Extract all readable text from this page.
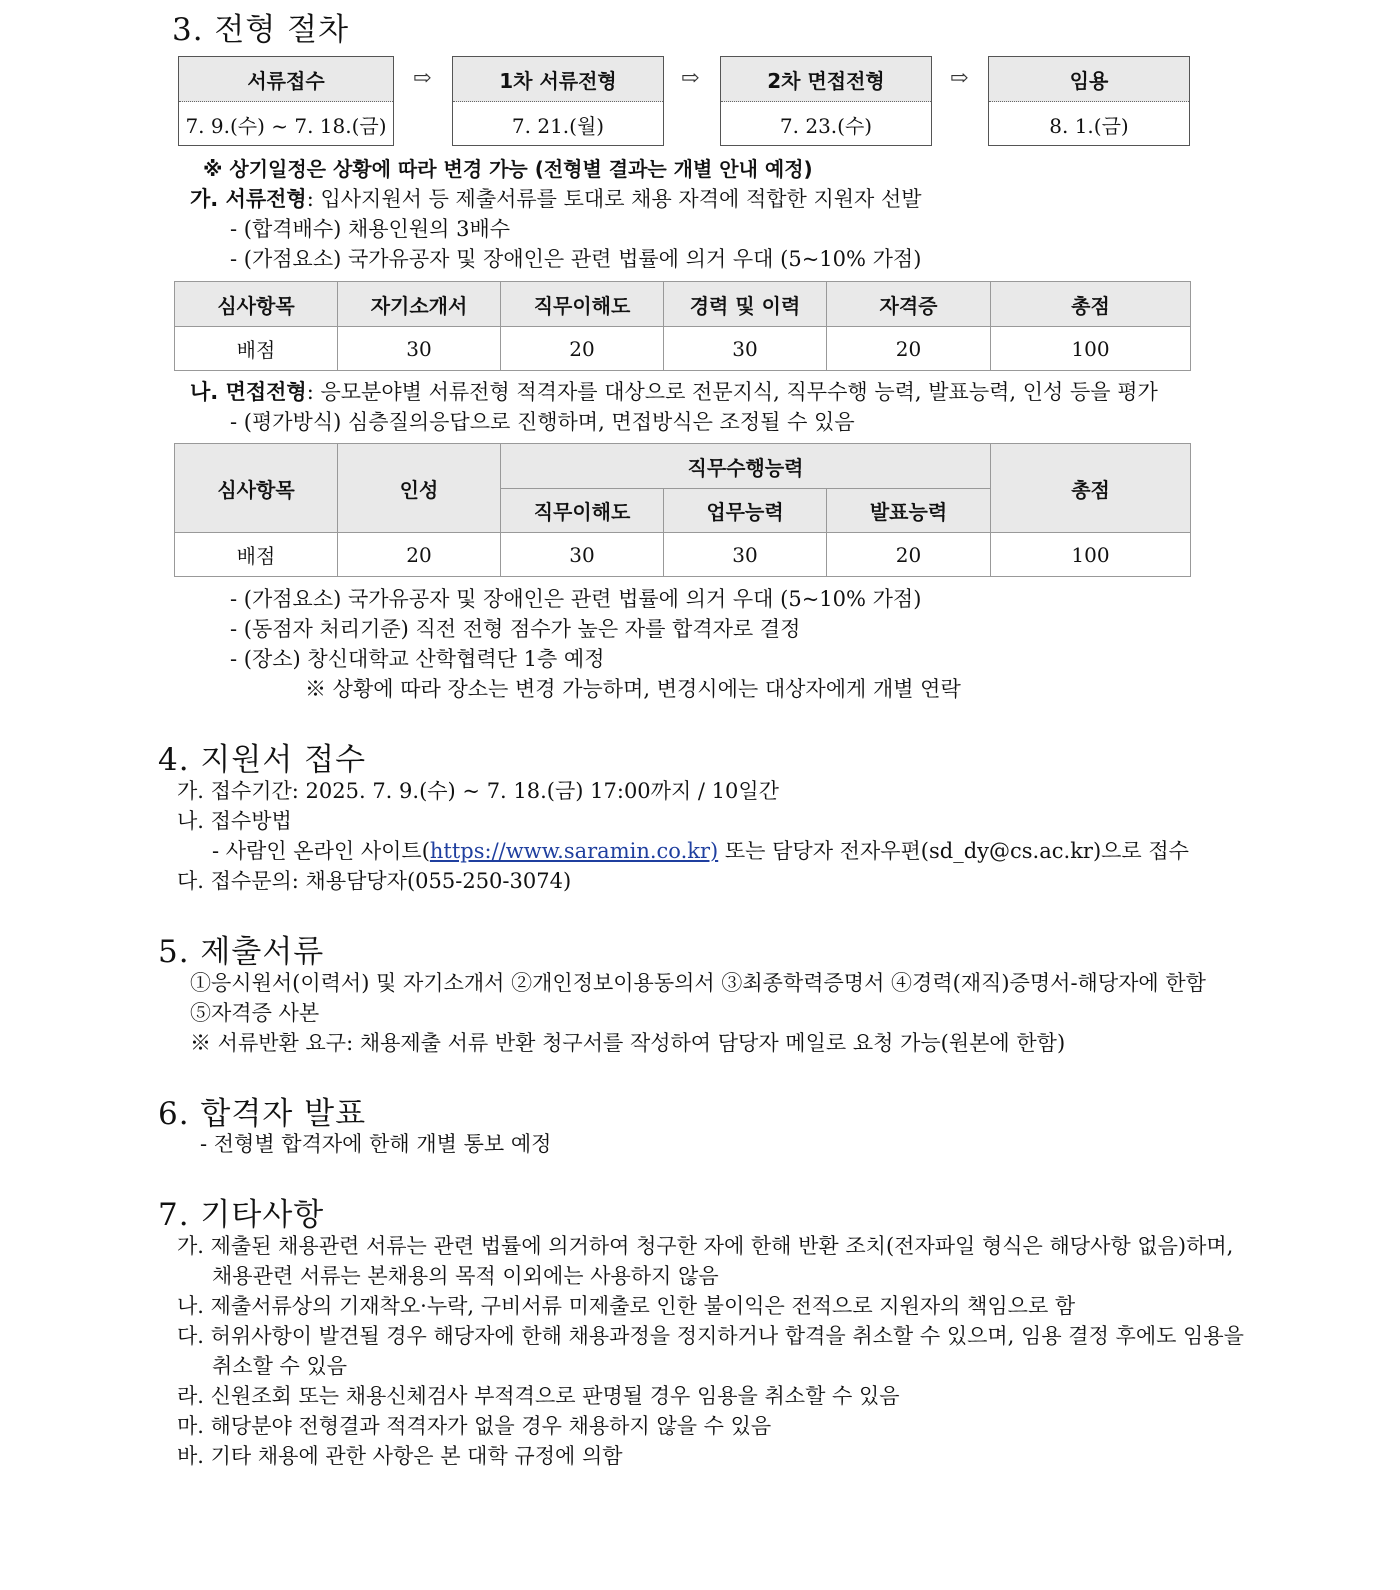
3. 전형 절차
서류접수
7. 9.(수) ~ 7. 18.(금)
⇨	1차 서류전형
7. 21.(월)
⇨	2차 면접전형
7. 23.(수)
⇨	임용
8. 1.(금)
※ 상기일정은 상황에 따라 변경 가능 (전형별 결과는 개별 안내 예정)
가. 서류전형: 입사지원서 등 제출서류를 토대로 채용 자격에 적합한 지원자 선발
- (합격배수) 채용인원의 3배수
- (가점요소) 국가유공자 및 장애인은 관련 법률에 의거 우대 (5~10% 가점)
심사항목	자기소개서	직무이해도	경력 및 이력	자격증	총점
배점	30	20	30	20	100
나. 면접전형: 응모분야별 서류전형 적격자를 대상으로 전문지식, 직무수행 능력, 발표능력, 인성 등을 평가
- (평가방식) 심층질의응답으로 진행하며, 면접방식은 조정될 수 있음
심사항목	인성	직무수행능력			총점
		직무이해도	업무능력	발표능력	
배점	20	30	30	20	100
- (가점요소) 국가유공자 및 장애인은 관련 법률에 의거 우대 (5~10% 가점)
- (동점자 처리기준) 직전 전형 점수가 높은 자를 합격자로 결정
- (장소) 창신대학교 산학협력단 1층 예정
※ 상황에 따라 장소는 변경 가능하며, 변경시에는 대상자에게 개별 연락
4. 지원서 접수
가. 접수기간: 2025. 7. 9.(수) ~ 7. 18.(금) 17:00까지 / 10일간
나. 접수방법
- 사람인 온라인 사이트(https://www.saramin.co.kr) 또는 담당자 전자우편(sd_dy@cs.ac.kr)으로 접수
다. 접수문의: 채용담당자(055-250-3074)
5. 제출서류
①응시원서(이력서) 및 자기소개서 ②개인정보이용동의서 ③최종학력증명서 ④경력(재직)증명서-해당자에 한함
⑤자격증 사본
※ 서류반환 요구: 채용제출 서류 반환 청구서를 작성하여 담당자 메일로 요청 가능(원본에 한함)
6. 합격자 발표
- 전형별 합격자에 한해 개별 통보 예정
7. 기타사항
가. 제출된 채용관련 서류는 관련 법률에 의거하여 청구한 자에 한해 반환 조치(전자파일 형식은 해당사항 없음)하며,
채용관련 서류는 본채용의 목적 이외에는 사용하지 않음
나. 제출서류상의 기재착오·누락, 구비서류 미제출로 인한 불이익은 전적으로 지원자의 책임으로 함
다. 허위사항이 발견될 경우 해당자에 한해 채용과정을 정지하거나 합격을 취소할 수 있으며, 임용 결정 후에도 임용을
취소할 수 있음
라. 신원조회 또는 채용신체검사 부적격으로 판명될 경우 임용을 취소할 수 있음
마. 해당분야 전형결과 적격자가 없을 경우 채용하지 않을 수 있음
바. 기타 채용에 관한 사항은 본 대학 규정에 의함
